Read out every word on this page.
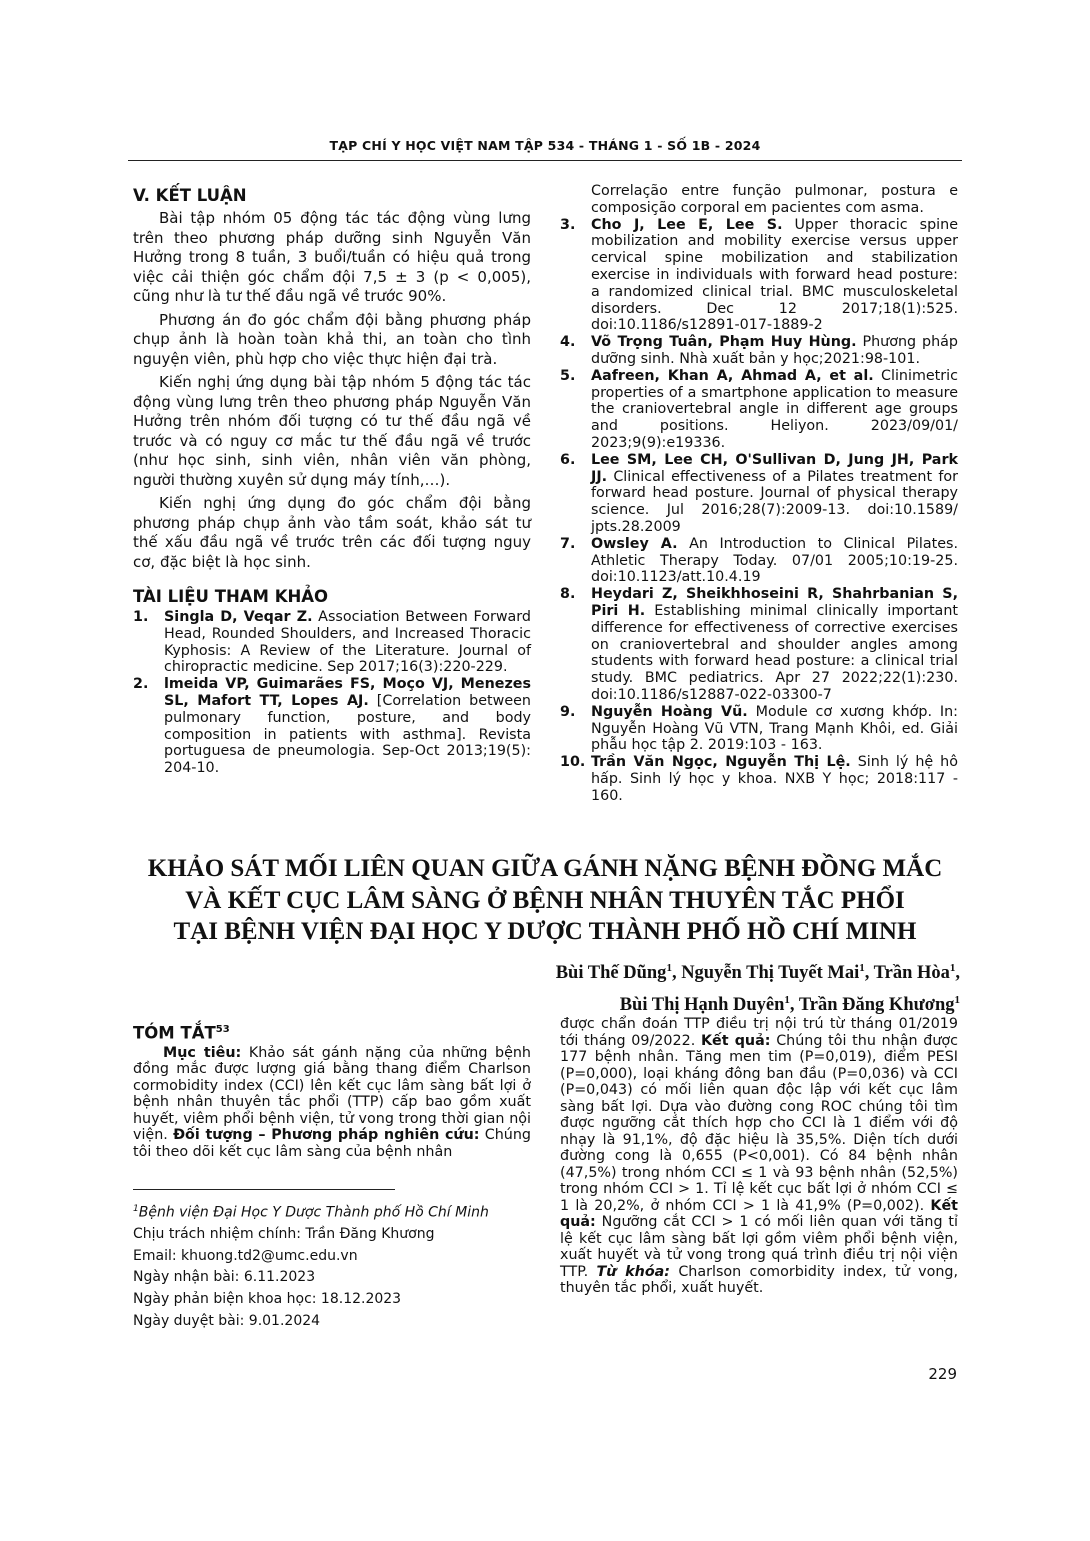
TẠP CHÍ Y HỌC VIỆT NAM TẬP 534 - THÁNG 1 - SỐ 1B - 2024
V. KẾT LUẬN

Bài tập nhóm 05 động tác tác động vùng lưng trên theo phương pháp dưỡng sinh Nguyễn Văn Hưởng trong 8 tuần, 3 buổi/tuần có hiệu quả trong việc cải thiện góc chẩm đội 7,5 ± 3 (p < 0,005), cũng như là tư thế đầu ngã về trước 90%.

Phương án đo góc chẩm đội bằng phương pháp chụp ảnh là hoàn toàn khả thi, an toàn cho tình nguyện viên, phù hợp cho việc thực hiện đại trà.

Kiến nghị ứng dụng bài tập nhóm 5 động tác tác động vùng lưng trên theo phương pháp Nguyễn Văn Hưởng trên nhóm đối tượng có tư thế đầu ngã về trước và có nguy cơ mắc tư thế đầu ngã về trước (như học sinh, sinh viên, nhân viên văn phòng, người thường xuyên sử dụng máy tính,…).

Kiến nghị ứng dụng đo góc chẩm đội bằng phương pháp chụp ảnh vào tầm soát, khảo sát tư thế xấu đầu ngã về trước trên các đối tượng nguy cơ, đặc biệt là học sinh.

TÀI LIỆU THAM KHẢO
1. Singla D, Veqar Z. Association Between Forward Head, Rounded Shoulders, and Increased Thoracic Kyphosis: A Review of the Literature. Journal of chiropractic medicine. Sep 2017;16(3):220-229.
2. lmeida VP, Guimarães FS, Moço VJ, Menezes SL, Mafort TT, Lopes AJ. [Correlation between pulmonary function, posture, and body composition in patients with asthma]. Revista portuguesa de pneumologia. Sep-Oct 2013;19(5): 204-10.
Correlação entre função pulmonar, postura e composição corporal em pacientes com asma.
3. Cho J, Lee E, Lee S. Upper thoracic spine mobilization and mobility exercise versus upper cervical spine mobilization and stabilization exercise in individuals with forward head posture: a randomized clinical trial. BMC musculoskeletal disorders. Dec 12 2017;18(1):525. doi:10.1186/s12891-017-1889-2
4. Võ Trọng Tuân, Phạm Huy Hùng. Phương pháp dưỡng sinh. Nhà xuất bản y học;2021:98-101.
5. Aafreen, Khan A, Ahmad A, et al. Clinimetric properties of a smartphone application to measure the craniovertebral angle in different age groups and positions. Heliyon. 2023/09/01/ 2023;9(9):e19336.
6. Lee SM, Lee CH, O'Sullivan D, Jung JH, Park JJ. Clinical effectiveness of a Pilates treatment for forward head posture. Journal of physical therapy science. Jul 2016;28(7):2009-13. doi:10.1589/ jpts.28.2009
7. Owsley A. An Introduction to Clinical Pilates. Athletic Therapy Today. 07/01 2005;10:19-25. doi:10.1123/att.10.4.19
8. Heydari Z, Sheikhhoseini R, Shahrbanian S, Piri H. Establishing minimal clinically important difference for effectiveness of corrective exercises on craniovertebral and shoulder angles among students with forward head posture: a clinical trial study. BMC pediatrics. Apr 27 2022;22(1):230. doi:10.1186/s12887-022-03300-7
9. Nguyễn Hoàng Vũ. Module cơ xương khớp. In: Nguyễn Hoàng Vũ VTN, Trang Mạnh Khôi, ed. Giải phẫu học tập 2. 2019:103 - 163.
10. Trần Văn Ngọc, Nguyễn Thị Lệ. Sinh lý hệ hô hấp. Sinh lý học y khoa. NXB Y học; 2018:117 - 160.
KHẢO SÁT MỐI LIÊN QUAN GIỮA GÁNH NẶNG BỆNH ĐỒNG MẮC
VÀ KẾT CỤC LÂM SÀNG Ở BỆNH NHÂN THUYÊN TẮC PHỔI
TẠI BỆNH VIỆN ĐẠI HỌC Y DƯỢC THÀNH PHỐ HỒ CHÍ MINH
Bùi Thế Dũng$^1$, Nguyễn Thị Tuyết Mai$^1$, Trần Hòa$^1$,
Bùi Thị Hạnh Duyên$^1$, Trần Đăng Khương$^1$
TÓM TẮT$^{53}$

Mục tiêu: Khảo sát gánh nặng của những bệnh đồng mắc được lượng giá bằng thang điểm Charlson cormobidity index (CCI) lên kết cục lâm sàng bất lợi ở bệnh nhân thuyên tắc phổi (TTP) cấp bao gồm xuất huyết, viêm phổi bệnh viện, tử vong trong thời gian nội viện. Đối tượng – Phương pháp nghiên cứu: Chúng tôi theo dõi kết cục lâm sàng của bệnh nhân

được chẩn đoán TTP điều trị nội trú từ tháng 01/2019 tới tháng 09/2022. Kết quả: Chúng tôi thu nhận được 177 bệnh nhân. Tăng men tim (P=0,019), điểm PESI (P=0,000), loại kháng đông ban đầu (P=0,036) và CCI (P=0,043) có mối liên quan độc lập với kết cục lâm sàng bất lợi. Dựa vào đường cong ROC chúng tôi tìm được ngưỡng cắt thích hợp cho CCI là 1 điểm với độ nhạy là 91,1%, độ đặc hiệu là 35,5%. Diện tích dưới đường cong là 0,655 (P<0,001). Có 84 bệnh nhân (47,5%) trong nhóm CCI ≤ 1 và 93 bệnh nhân (52,5%) trong nhóm CCI > 1. Tỉ lệ kết cục bất lợi ở nhóm CCI ≤ 1 là 20,2%, ở nhóm CCI > 1 là 41,9% (P=0,002). Kết quả: Ngưỡng cắt CCI > 1 có mối liên quan với tăng tỉ lệ kết cục lâm sàng bất lợi gồm viêm phổi bệnh viện, xuất huyết và tử vong trong quá trình điều trị nội viện TTP. Từ khóa: Charlson comorbidity index, tử vong, thuyên tắc phổi, xuất huyết.

$^1$Bệnh viện Đại Học Y Dược Thành phố Hồ Chí Minh
Chịu trách nhiệm chính: Trần Đăng Khương
Email: khuong.td2@umc.edu.vn
Ngày nhận bài: 6.11.2023
Ngày phản biện khoa học: 18.12.2023
Ngày duyệt bài: 9.01.2024
229
